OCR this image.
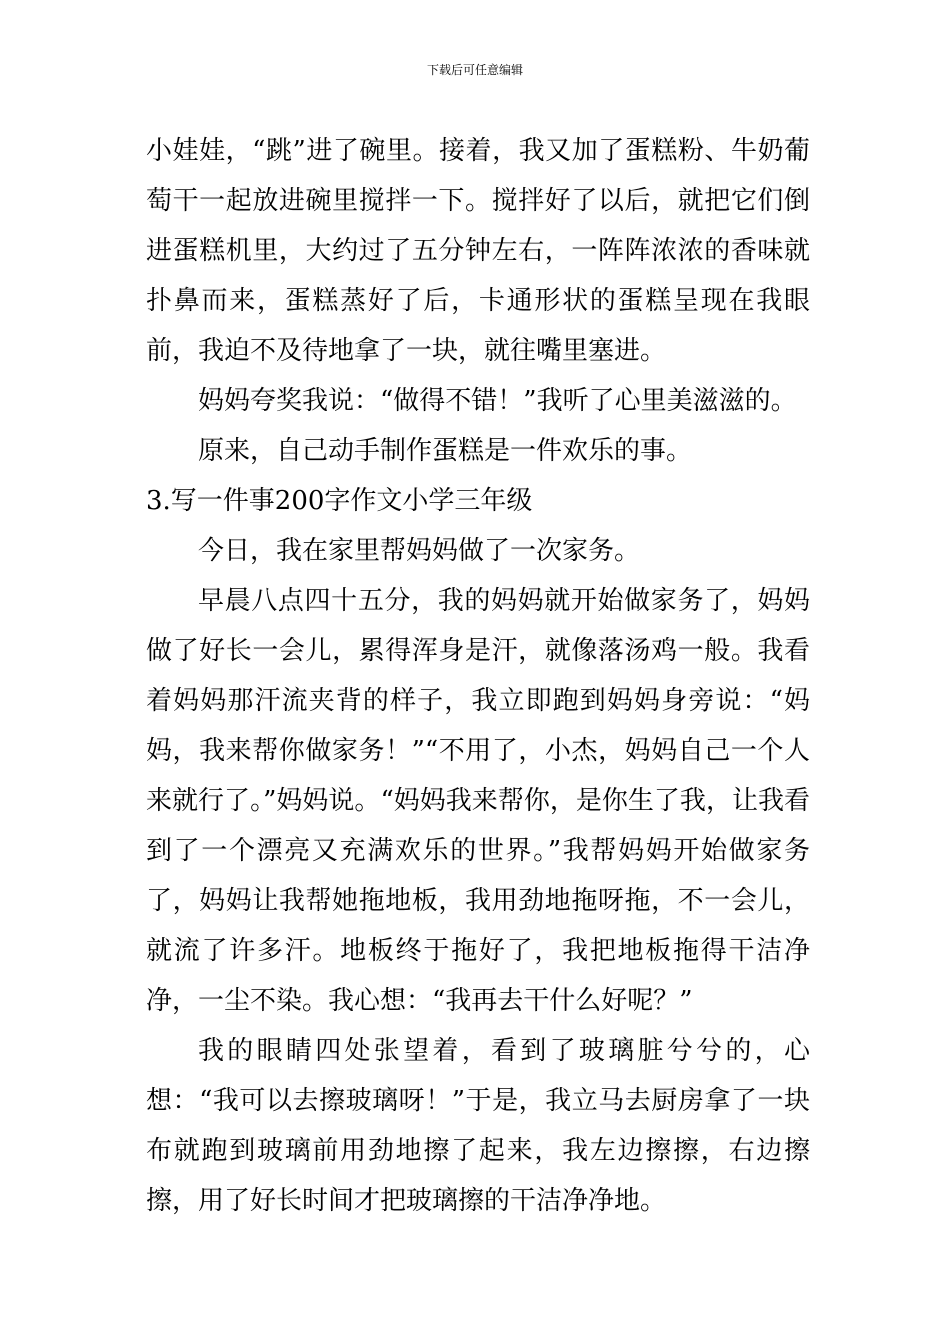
下载后可任意编辑

小娃娃，“跳”进了碗里。接着，我又加了蛋糕粉、牛奶葡萄干一起放进碗里搅拌一下。搅拌好了以后，就把它们倒进蛋糕机里，大约过了五分钟左右，一阵阵浓浓的香味就扑鼻而来，蛋糕蒸好了后，卡通形状的蛋糕呈现在我眼前，我迫不及待地拿了一块，就往嘴里塞进。

妈妈夸奖我说：“做得不错！”我听了心里美滋滋的。

原来，自己动手制作蛋糕是一件欢乐的事。

3.写一件事200字作文小学三年级

今日，我在家里帮妈妈做了一次家务。

早晨八点四十五分，我的妈妈就开始做家务了，妈妈做了好长一会儿，累得浑身是汗，就像落汤鸡一般。我看着妈妈那汗流夹背的样子，我立即跑到妈妈身旁说：“妈妈，我来帮你做家务！”“不用了，小杰，妈妈自己一个人来就行了。”妈妈说。“妈妈我来帮你，是你生了我，让我看到了一个漂亮又充满欢乐的世界。”我帮妈妈开始做家务了，妈妈让我帮她拖地板，我用劲地拖呀拖，不一会儿，就流了许多汗。地板终于拖好了，我把地板拖得干洁净净，一尘不染。我心想：“我再去干什么好呢？”

我的眼睛四处张望着，看到了玻璃脏兮兮的，心想：“我可以去擦玻璃呀！”于是，我立马去厨房拿了一块布就跑到玻璃前用劲地擦了起来，我左边擦擦，右边擦擦，用了好长时间才把玻璃擦的干洁净净地。
